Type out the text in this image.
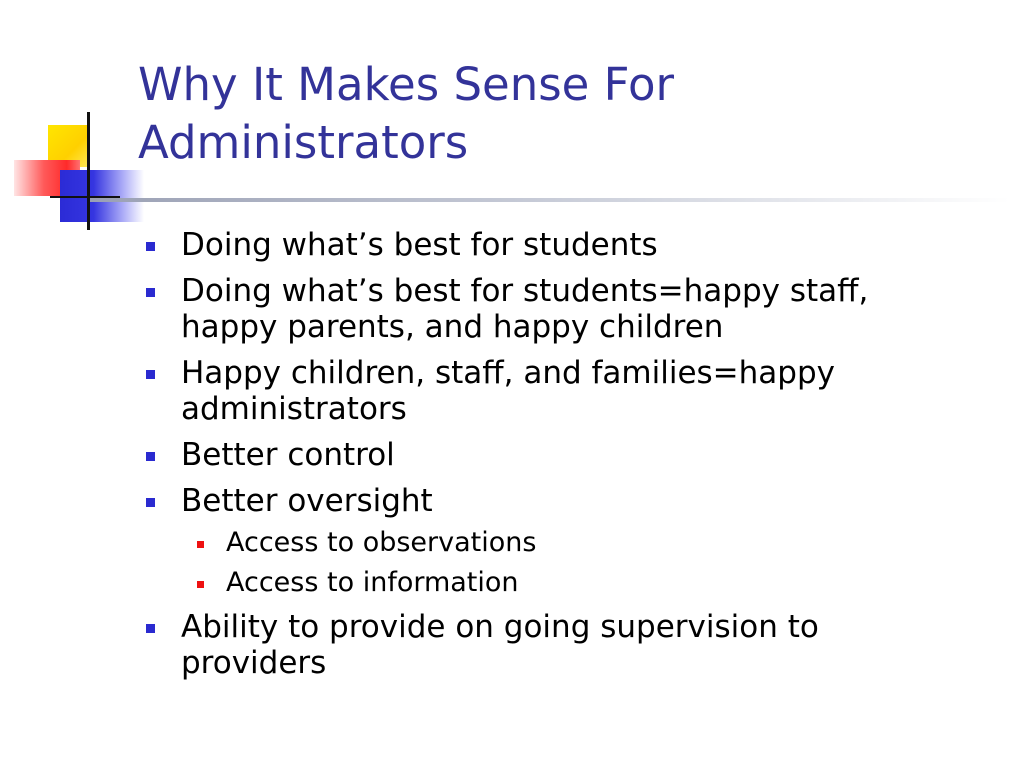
Why It Makes Sense For
Administrators
Doing what’s best for students
Doing what’s best for students=happy staff,
happy parents, and happy children
Happy children, staff, and families=happy
administrators
Better control
Better oversight
Access to observations
Access to information
Ability to provide on going supervision to
providers
